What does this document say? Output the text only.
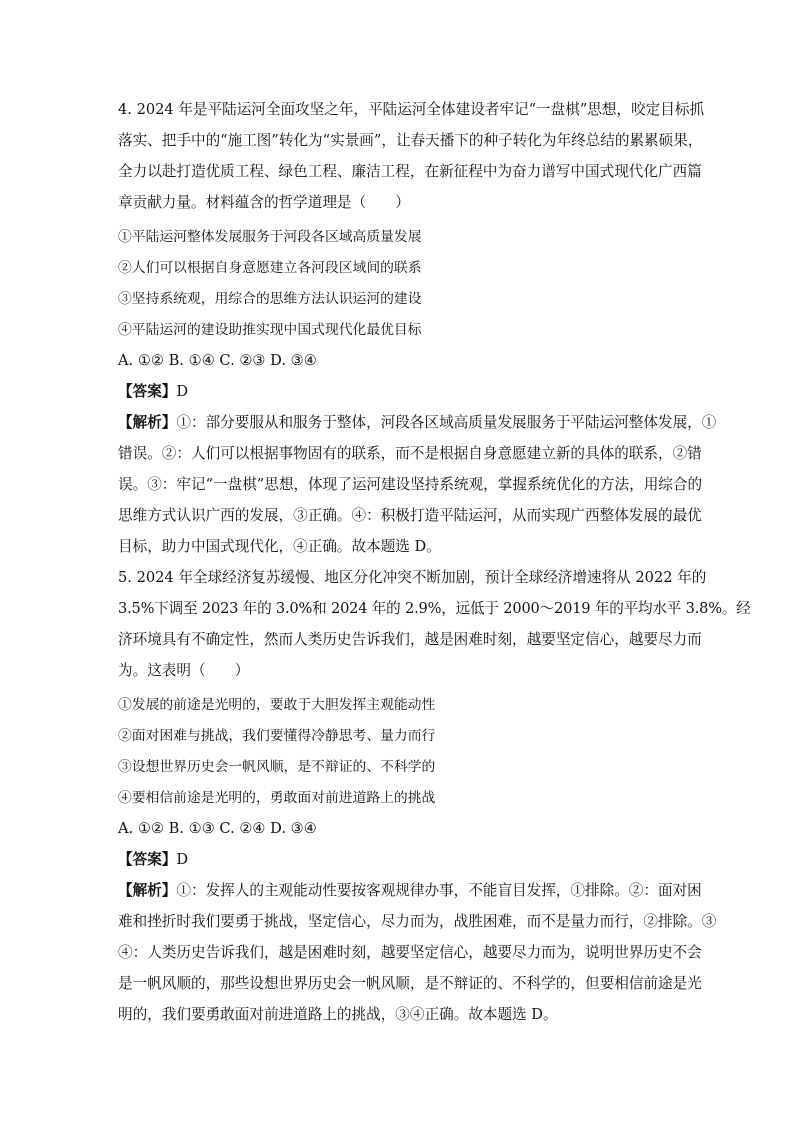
4. 2024 年是平陆运河全面攻坚之年，平陆运河全体建设者牢记“一盘棋”思想，咬定目标抓
落实、把手中的“施工图”转化为“实景画”，让春天播下的种子转化为年终总结的累累硕果，
全力以赴打造优质工程、绿色工程、廉洁工程，在新征程中为奋力谱写中国式现代化广西篇
章贡献力量。材料蕴含的哲学道理是（　　）
①平陆运河整体发展服务于河段各区域高质量发展
②人们可以根据自身意愿建立各河段区域间的联系
③坚持系统观，用综合的思维方法认识运河的建设
④平陆运河的建设助推实现中国式现代化最优目标
A. ①② B. ①④ C. ②③ D. ③④
【答案】D
【解析】①：部分要服从和服务于整体，河段各区域高质量发展服务于平陆运河整体发展，①
错误。②：人们可以根据事物固有的联系，而不是根据自身意愿建立新的具体的联系，②错
误。③：牢记“一盘棋”思想，体现了运河建设坚持系统观，掌握系统优化的方法，用综合的
思维方式认识广西的发展，③正确。④：积极打造平陆运河，从而实现广西整体发展的最优
目标，助力中国式现代化，④正确。故本题选 D。
5. 2024 年全球经济复苏缓慢、地区分化冲突不断加剧，预计全球经济增速将从 2022 年的
3.5%下调至 2023 年的 3.0%和 2024 年的 2.9%，远低于 2000～2019 年的平均水平 3.8%。经
济环境具有不确定性，然而人类历史告诉我们，越是困难时刻，越要坚定信心，越要尽力而
为。这表明（　　）
①发展的前途是光明的，要敢于大胆发挥主观能动性
②面对困难与挑战，我们要懂得冷静思考、量力而行
③设想世界历史会一帆风顺，是不辩证的、不科学的
④要相信前途是光明的，勇敢面对前进道路上的挑战
A. ①② B. ①③ C. ②④ D. ③④
【答案】D
【解析】①：发挥人的主观能动性要按客观规律办事，不能盲目发挥，①排除。②：面对困
难和挫折时我们要勇于挑战，坚定信心，尽力而为，战胜困难，而不是量力而行，②排除。③
④：人类历史告诉我们，越是困难时刻，越要坚定信心，越要尽力而为，说明世界历史不会
是一帆风顺的，那些设想世界历史会一帆风顺，是不辩证的、不科学的，但要相信前途是光
明的，我们要勇敢面对前进道路上的挑战，③④正确。故本题选 D。
